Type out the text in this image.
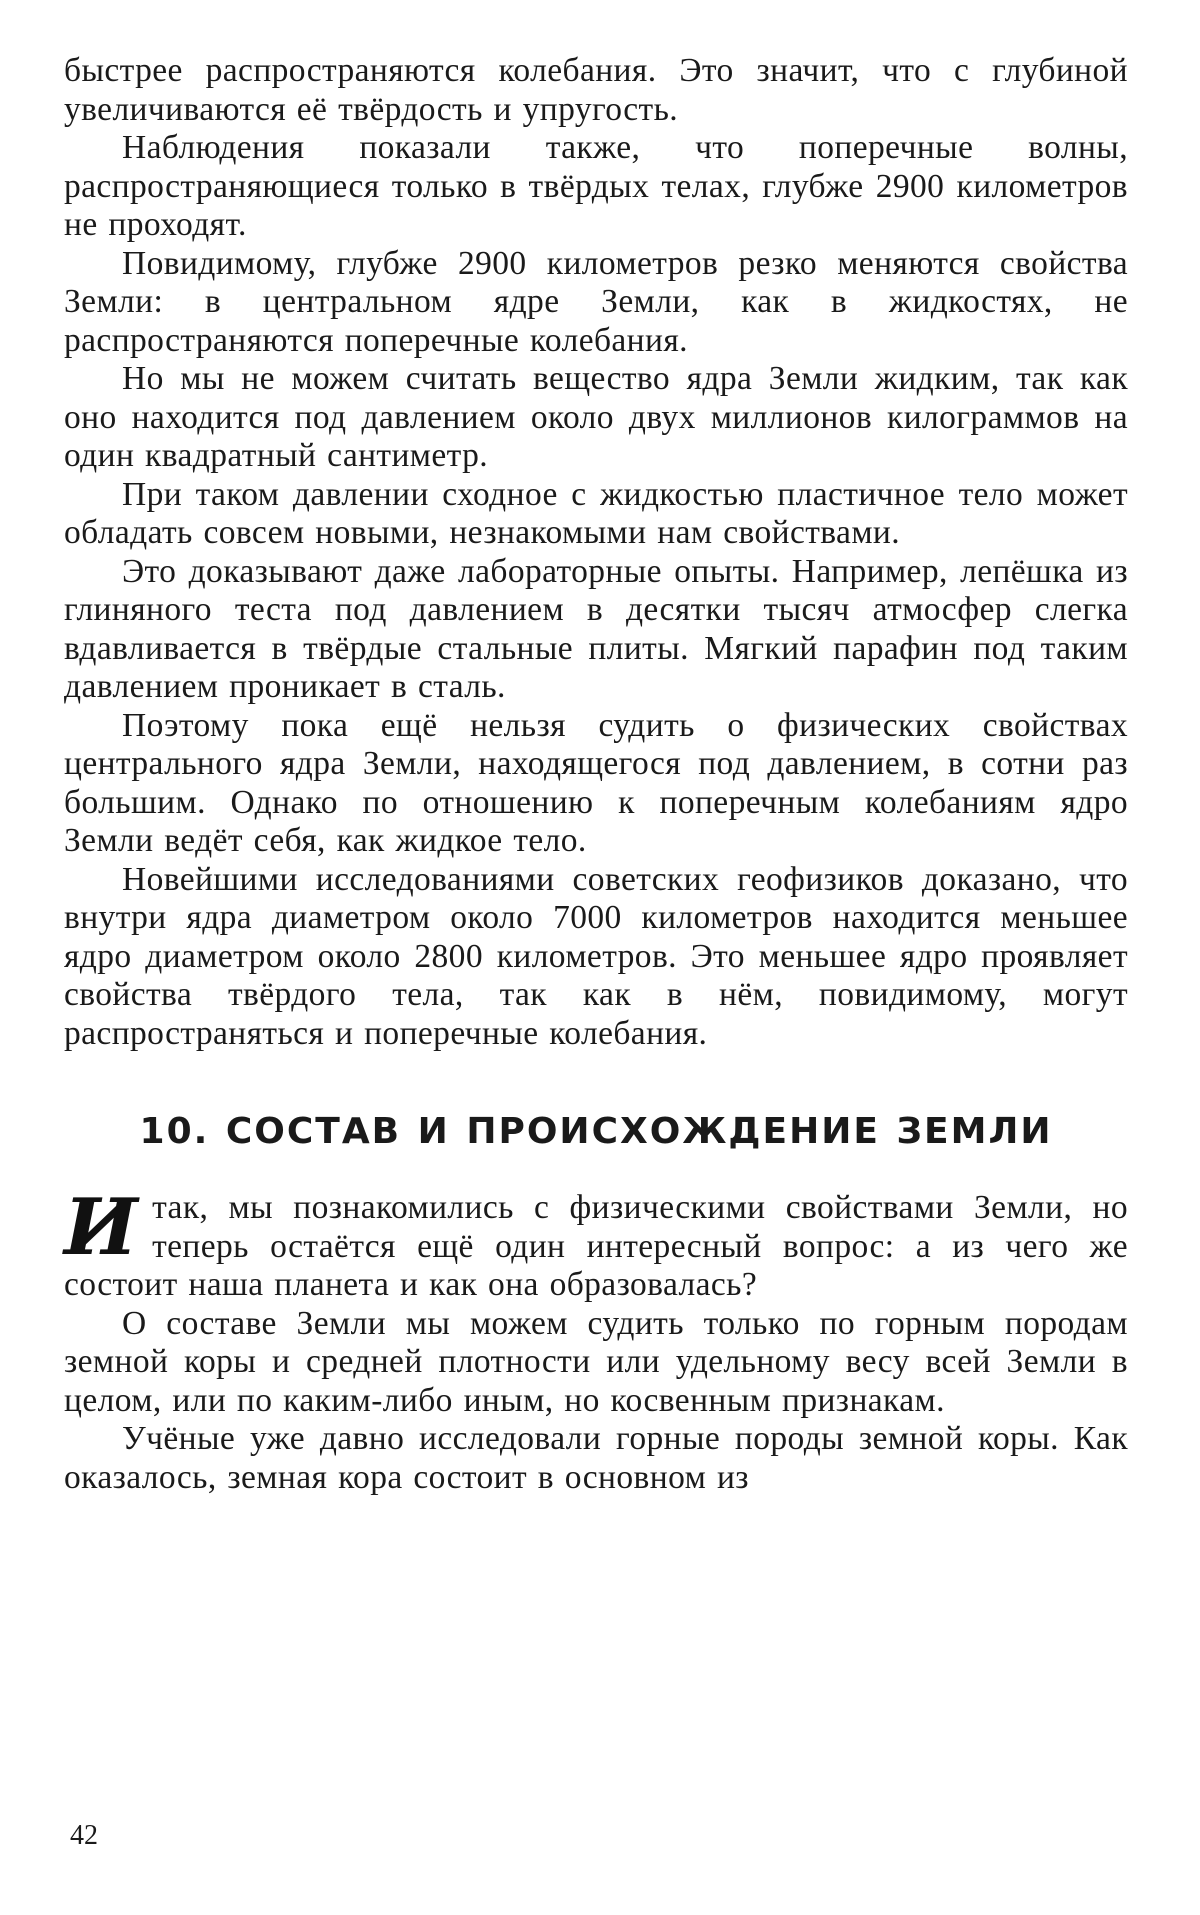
быстрее распространяются колебания. Это значит, что с глубиной увеличиваются её твёрдость и упругость.

Наблюдения показали также, что поперечные волны, распространяющиеся только в твёрдых телах, глубже 2900 километров не проходят.

Повидимому, глубже 2900 километров резко меняются свойства Земли: в центральном ядре Земли, как в жидкостях, не распространяются поперечные колебания.

Но мы не можем считать вещество ядра Земли жидким, так как оно находится под давлением около двух миллионов килограммов на один квадратный сантиметр.

При таком давлении сходное с жидкостью пластичное тело может обладать совсем новыми, незнакомыми нам свойствами.

Это доказывают даже лабораторные опыты. Например, лепёшка из глиняного теста под давлением в десятки тысяч атмосфер слегка вдавливается в твёрдые стальные плиты. Мягкий парафин под таким давлением проникает в сталь.

Поэтому пока ещё нельзя судить о физических свойствах центрального ядра Земли, находящегося под давлением, в сотни раз большим. Однако по отношению к поперечным колебаниям ядро Земли ведёт себя, как жидкое тело.

Новейшими исследованиями советских геофизиков доказано, что внутри ядра диаметром около 7000 километров находится меньшее ядро диаметром около 2800 километров. Это меньшее ядро проявляет свойства твёрдого тела, так как в нём, повидимому, могут распространяться и поперечные колебания.

10. СОСТАВ И ПРОИСХОЖДЕНИЕ ЗЕМЛИ

Итак, мы познакомились с физическими свойствами Земли, но теперь остаётся ещё один интересный вопрос: а из чего же состоит наша планета и как она образовалась?

О составе Земли мы можем судить только по горным породам земной коры и средней плотности или удельному весу всей Земли в целом, или по каким-либо иным, но косвенным признакам.

Учёные уже давно исследовали горные породы земной коры. Как оказалось, земная кора состоит в основном из

42
